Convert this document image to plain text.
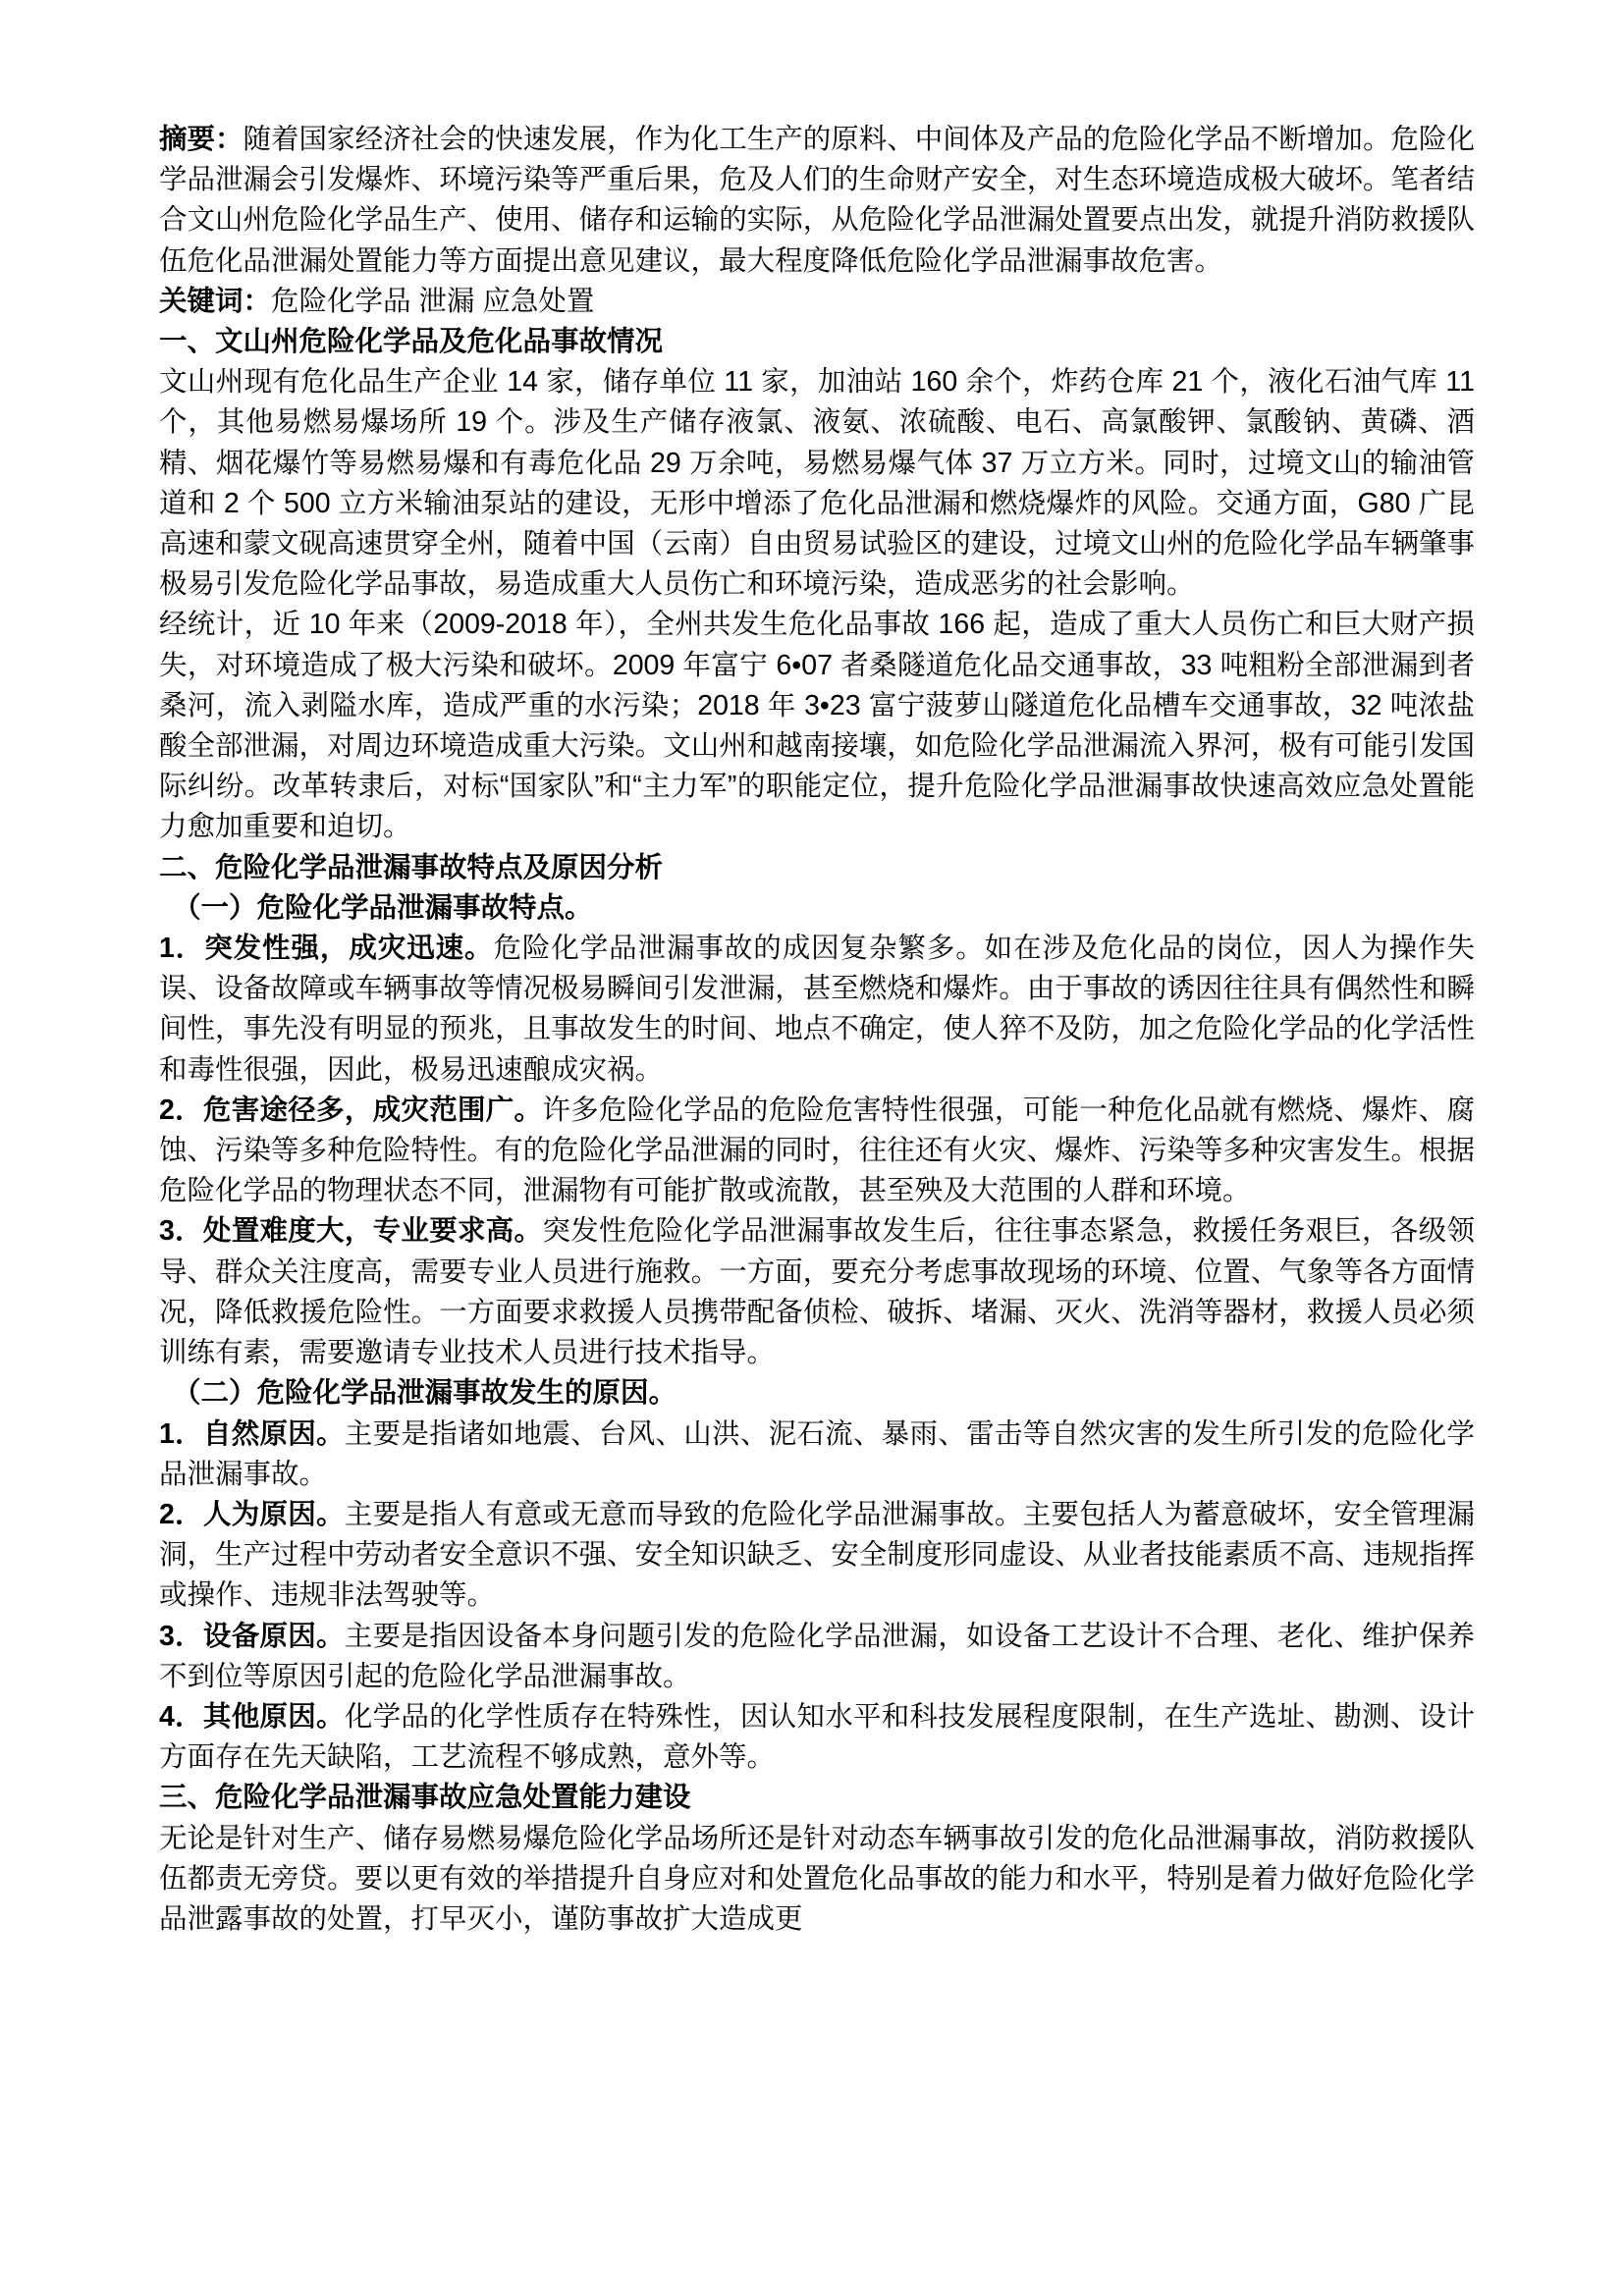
摘要：随着国家经济社会的快速发展，作为化工生产的原料、中间体及产品的危险化学品不断增加。危险化学品泄漏会引发爆炸、环境污染等严重后果，危及人们的生命财产安全，对生态环境造成极大破坏。笔者结合文山州危险化学品生产、使用、储存和运输的实际，从危险化学品泄漏处置要点出发，就提升消防救援队伍危化品泄漏处置能力等方面提出意见建议，最大程度降低危险化学品泄漏事故危害。

关键词：危险化学品 泄漏 应急处置

一、文山州危险化学品及危化品事故情况

文山州现有危化品生产企业 14 家，储存单位 11 家，加油站 160 余个，炸药仓库 21 个，液化石油气库 11 个，其他易燃易爆场所 19 个。涉及生产储存液氯、液氨、浓硫酸、电石、高氯酸钾、氯酸钠、黄磷、酒精、烟花爆竹等易燃易爆和有毒危化品 29 万余吨，易燃易爆气体 37 万立方米。同时，过境文山的输油管道和 2 个 500 立方米输油泵站的建设，无形中增添了危化品泄漏和燃烧爆炸的风险。交通方面，G80 广昆高速和蒙文砚高速贯穿全州，随着中国（云南）自由贸易试验区的建设，过境文山州的危险化学品车辆肇事极易引发危险化学品事故，易造成重大人员伤亡和环境污染，造成恶劣的社会影响。

经统计，近 10 年来（2009-2018 年），全州共发生危化品事故 166 起，造成了重大人员伤亡和巨大财产损失，对环境造成了极大污染和破坏。2009 年富宁 6•07 者桑隧道危化品交通事故，33 吨粗粉全部泄漏到者桑河，流入剥隘水库，造成严重的水污染；2018 年 3•23 富宁菠萝山隧道危化品槽车交通事故，32 吨浓盐酸全部泄漏，对周边环境造成重大污染。文山州和越南接壤，如危险化学品泄漏流入界河，极有可能引发国际纠纷。改革转隶后，对标“国家队”和“主力军”的职能定位，提升危险化学品泄漏事故快速高效应急处置能力愈加重要和迫切。

二、危险化学品泄漏事故特点及原因分析
（一）危险化学品泄漏事故特点。

1．突发性强，成灾迅速。危险化学品泄漏事故的成因复杂繁多。如在涉及危化品的岗位，因人为操作失误、设备故障或车辆事故等情况极易瞬间引发泄漏，甚至燃烧和爆炸。由于事故的诱因往往具有偶然性和瞬间性，事先没有明显的预兆，且事故发生的时间、地点不确定，使人猝不及防，加之危险化学品的化学活性和毒性很强，因此，极易迅速酿成灾祸。

2．危害途径多，成灾范围广。许多危险化学品的危险危害特性很强，可能一种危化品就有燃烧、爆炸、腐蚀、污染等多种危险特性。有的危险化学品泄漏的同时，往往还有火灾、爆炸、污染等多种灾害发生。根据危险化学品的物理状态不同，泄漏物有可能扩散或流散，甚至殃及大范围的人群和环境。

3．处置难度大，专业要求高。突发性危险化学品泄漏事故发生后，往往事态紧急，救援任务艰巨，各级领导、群众关注度高，需要专业人员进行施救。一方面，要充分考虑事故现场的环境、位置、气象等各方面情况，降低救援危险性。一方面要求救援人员携带配备侦检、破拆、堵漏、灭火、洗消等器材，救援人员必须训练有素，需要邀请专业技术人员进行技术指导。

（二）危险化学品泄漏事故发生的原因。

1．自然原因。主要是指诸如地震、台风、山洪、泥石流、暴雨、雷击等自然灾害的发生所引发的危险化学品泄漏事故。

2．人为原因。主要是指人有意或无意而导致的危险化学品泄漏事故。主要包括人为蓄意破坏，安全管理漏洞，生产过程中劳动者安全意识不强、安全知识缺乏、安全制度形同虚设、从业者技能素质不高、违规指挥或操作、违规非法驾驶等。

3．设备原因。主要是指因设备本身问题引发的危险化学品泄漏，如设备工艺设计不合理、老化、维护保养不到位等原因引起的危险化学品泄漏事故。

4．其他原因。化学品的化学性质存在特殊性，因认知水平和科技发展程度限制，在生产选址、勘测、设计方面存在先天缺陷，工艺流程不够成熟，意外等。

三、危险化学品泄漏事故应急处置能力建设

无论是针对生产、储存易燃易爆危险化学品场所还是针对动态车辆事故引发的危化品泄漏事故，消防救援队伍都责无旁贷。要以更有效的举措提升自身应对和处置危化品事故的能力和水平，特别是着力做好危险化学品泄露事故的处置，打早灭小，谨防事故扩大造成更
